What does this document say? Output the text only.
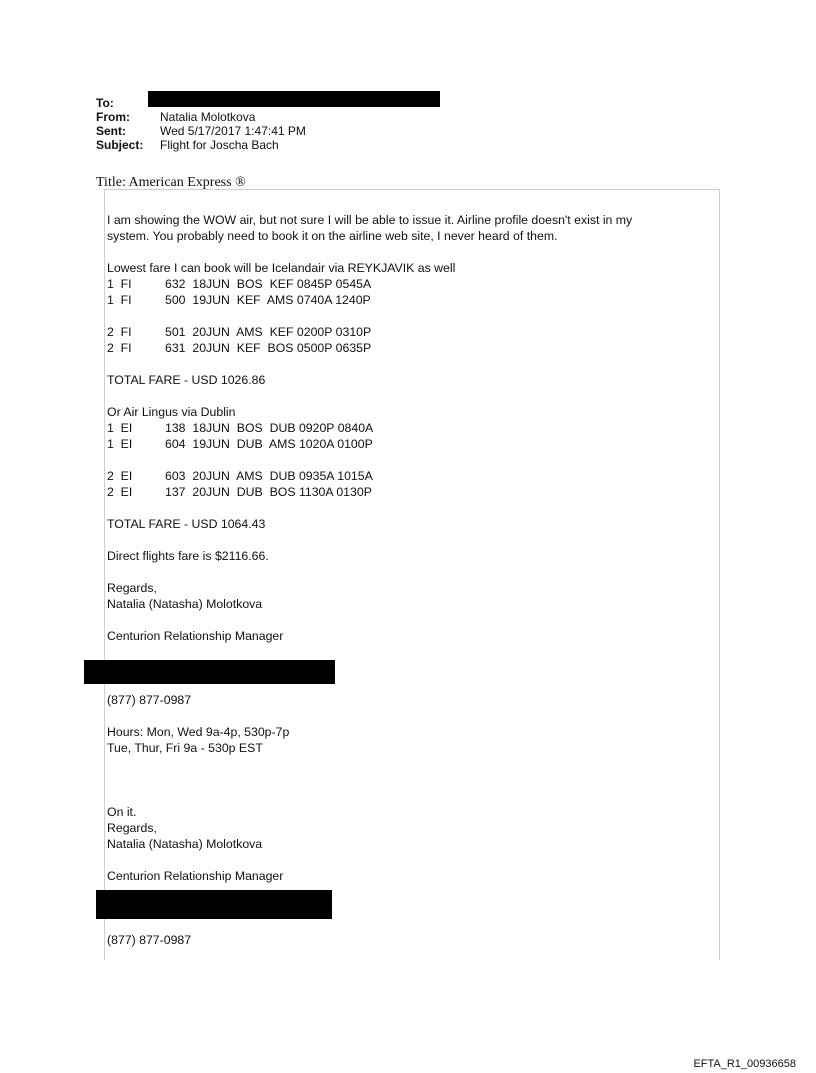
To:
From:	Natalia Molotkova
Sent:	Wed 5/17/2017 1:47:41 PM
Subject:	Flight for Joscha Bach
Title: American Express ®
I am showing the WOW air, but not sure I will be able to issue it. Airline profile doesn't exist in my
system. You probably need to book it on the airline web site, I never heard of them.
Lowest fare I can book will be Icelandair via REYKJAVIK as well
1  FI	632  18JUN  BOS  KEF 0845P 0545A
1  FI	500  19JUN  KEF  AMS 0740A 1240P
2  FI	501  20JUN  AMS  KEF 0200P 0310P
2  FI	631  20JUN  KEF  BOS 0500P 0635P
TOTAL FARE - USD 1026.86
Or Air Lingus via Dublin
1  EI	138  18JUN  BOS  DUB 0920P 0840A
1  EI	604  19JUN  DUB  AMS 1020A 0100P
2  EI	603  20JUN  AMS  DUB 0935A 1015A
2  EI	137  20JUN  DUB  BOS 1130A 0130P
TOTAL FARE - USD 1064.43
Direct flights fare is $2116.66.
Regards,
Natalia (Natasha) Molotkova
Centurion Relationship Manager
(877) 877-0987
Hours: Mon, Wed 9a-4p, 530p-7p
Tue, Thur, Fri 9a - 530p EST
On it.
Regards,
Natalia (Natasha) Molotkova
Centurion Relationship Manager
(877) 877-0987
EFTA_R1_00936658
